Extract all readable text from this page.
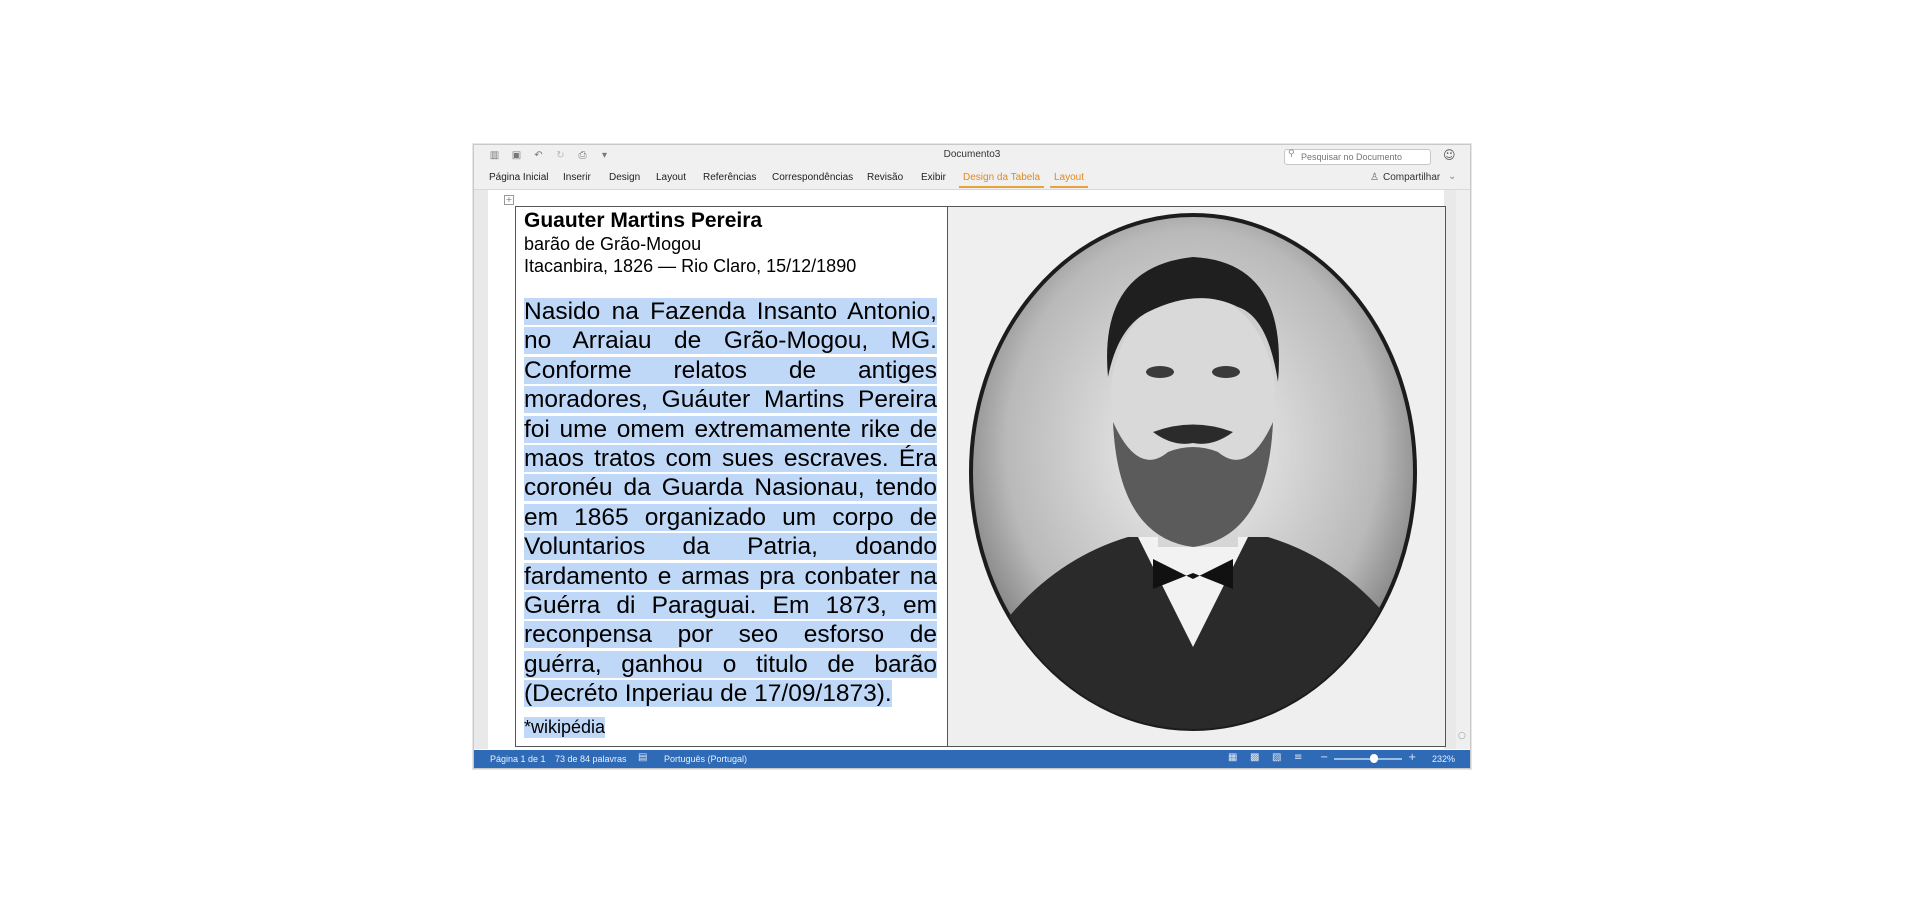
▥ ▣ ↶ ↻ ⎙	▾	Documento3	⚲
Pesquisar no Documento	☺
Página Inicial Inserir Design Layout Referências Correspondências Revisão Exibir Design da Tabela Layout	♙ Compartilhar ⌄
+
Guauter Martins Pereira
barão de Grão-Mogou
Itacanbira, 1826 — Rio Claro, 15/12/1890
Nasido na Fazenda Insanto Antonio, no Arraiau de Grão-Mogou, MG. Conforme relatos de antiges moradores, Guáuter Martins Pereira foi ume omem extremamente rike de maos tratos com sues escraves. Éra coronéu da Guarda Nasionau, tendo em 1865 organizado um corpo de Voluntarios da Patria, doando fardamento e armas pra conbater na Guérra di Paraguai. Em 1873, em reconpensa por seo esforso de guérra, ganhou o titulo de barão (Decréto Inperiau de 17/09/1873).
*wikipédia	○
Página 1 de 1 73 de 84 palavras ▤ Português (Portugal)	▦ ▩ ▧ ≡ −	+ 232%
